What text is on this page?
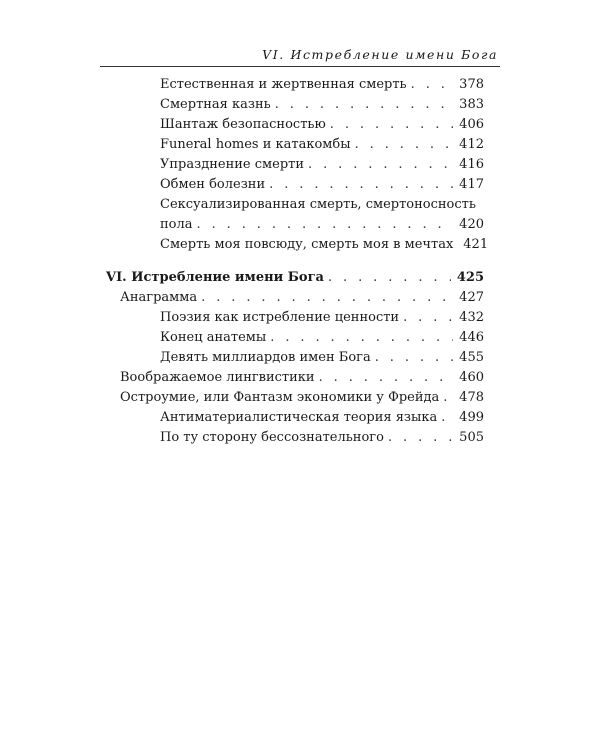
VI. Истребление имени Бога
Естественная и жертвенная смерть . . .	378
Смертная казнь . . .	383
Шантаж безопасностью . . .	406
Funeral homes и катакомбы . . .	412
Упразднение смерти . . .	416
Обмен болезни . . .	417
Сексуализированная смерть, смертоносность
пола . . .	420
Смерть моя повсюду, смерть моя в мечтах 421
VI. Истребление имени Бога . . .	425
Анаграмма . . .	427
Поэзия как истребление ценности . . .	432
Конец анатемы . . .	446
Девять миллиардов имен Бога . . .	455
Воображаемое лингвистики . . .	460
Остроумие, или Фантазм экономики у Фрейда . . .	478
Антиматериалистическая теория языка . . .	499
По ту сторону бессознательного . . .	505
